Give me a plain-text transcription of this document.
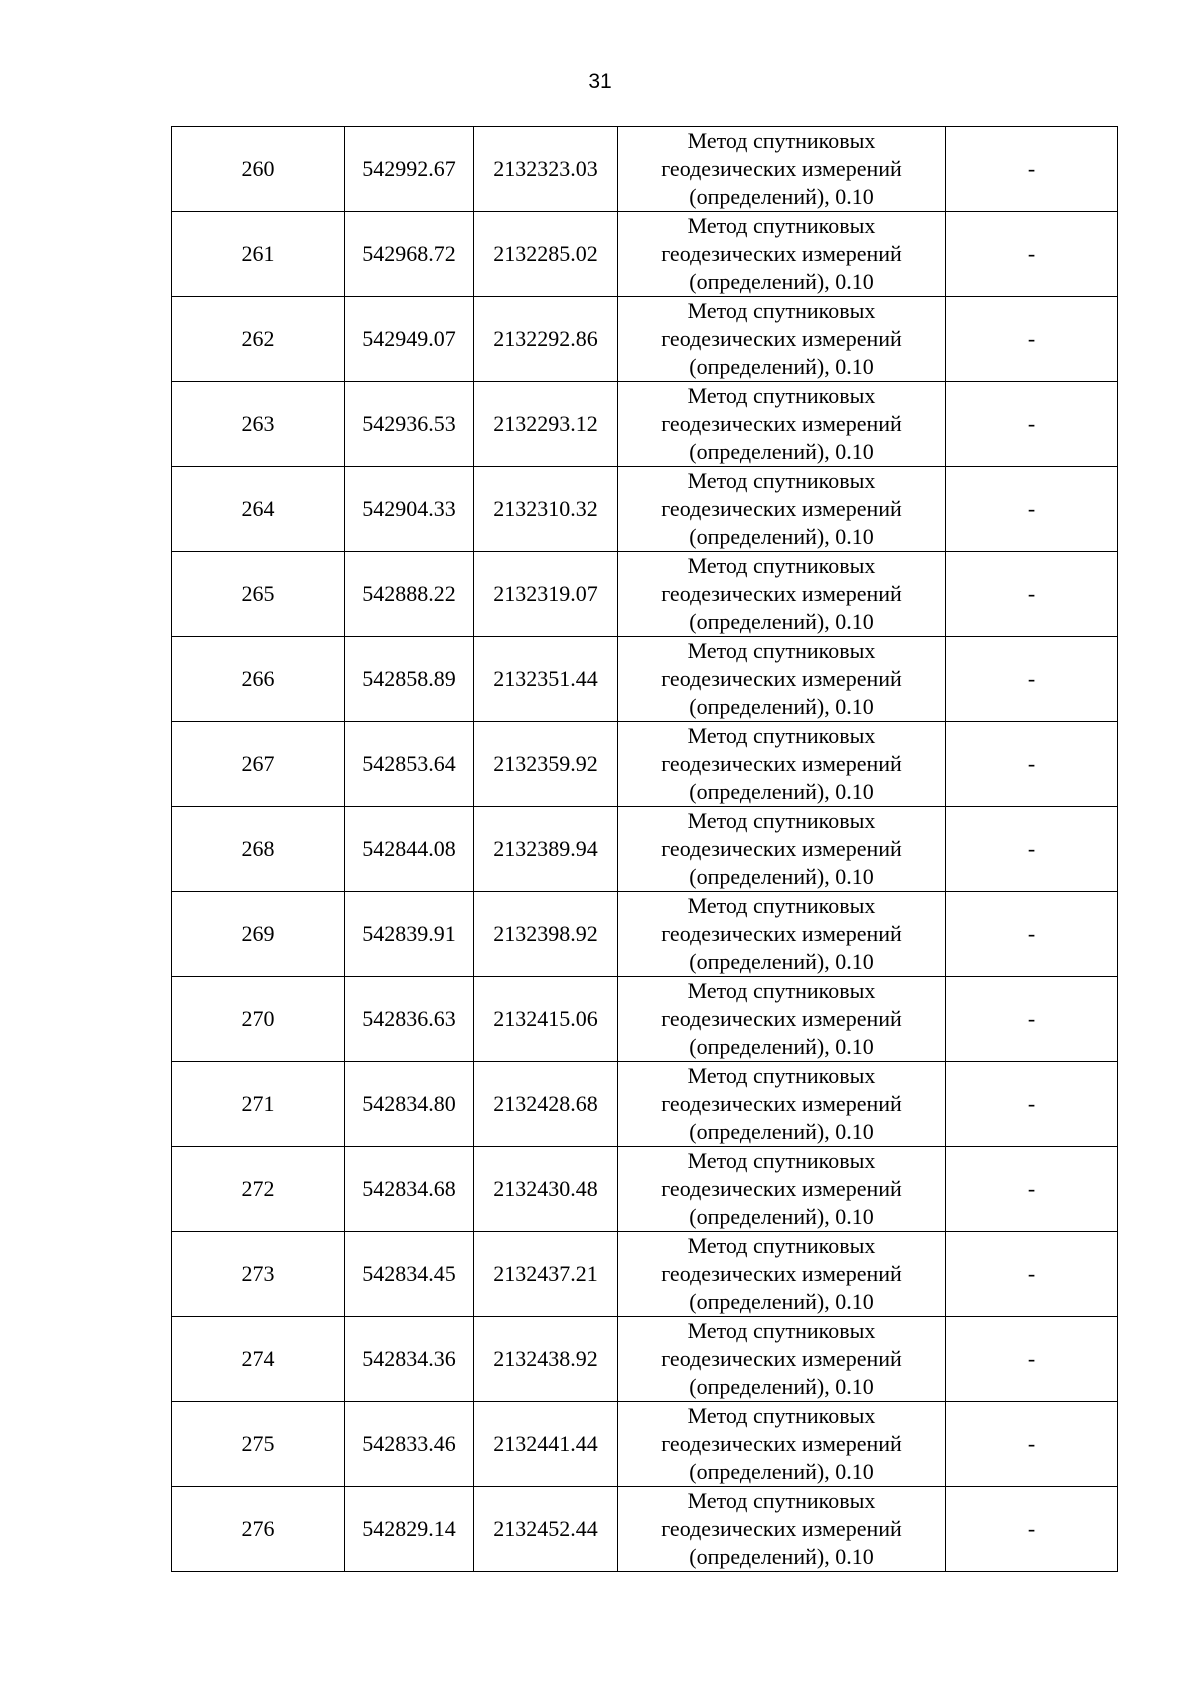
31
260	542992.67	2132323.03	Метод спутниковых
геодезических измерений
(определений), 0.10	-
261	542968.72	2132285.02	Метод спутниковых
геодезических измерений
(определений), 0.10	-
262	542949.07	2132292.86	Метод спутниковых
геодезических измерений
(определений), 0.10	-
263	542936.53	2132293.12	Метод спутниковых
геодезических измерений
(определений), 0.10	-
264	542904.33	2132310.32	Метод спутниковых
геодезических измерений
(определений), 0.10	-
265	542888.22	2132319.07	Метод спутниковых
геодезических измерений
(определений), 0.10	-
266	542858.89	2132351.44	Метод спутниковых
геодезических измерений
(определений), 0.10	-
267	542853.64	2132359.92	Метод спутниковых
геодезических измерений
(определений), 0.10	-
268	542844.08	2132389.94	Метод спутниковых
геодезических измерений
(определений), 0.10	-
269	542839.91	2132398.92	Метод спутниковых
геодезических измерений
(определений), 0.10	-
270	542836.63	2132415.06	Метод спутниковых
геодезических измерений
(определений), 0.10	-
271	542834.80	2132428.68	Метод спутниковых
геодезических измерений
(определений), 0.10	-
272	542834.68	2132430.48	Метод спутниковых
геодезических измерений
(определений), 0.10	-
273	542834.45	2132437.21	Метод спутниковых
геодезических измерений
(определений), 0.10	-
274	542834.36	2132438.92	Метод спутниковых
геодезических измерений
(определений), 0.10	-
275	542833.46	2132441.44	Метод спутниковых
геодезических измерений
(определений), 0.10	-
276	542829.14	2132452.44	Метод спутниковых
геодезических измерений
(определений), 0.10	-
